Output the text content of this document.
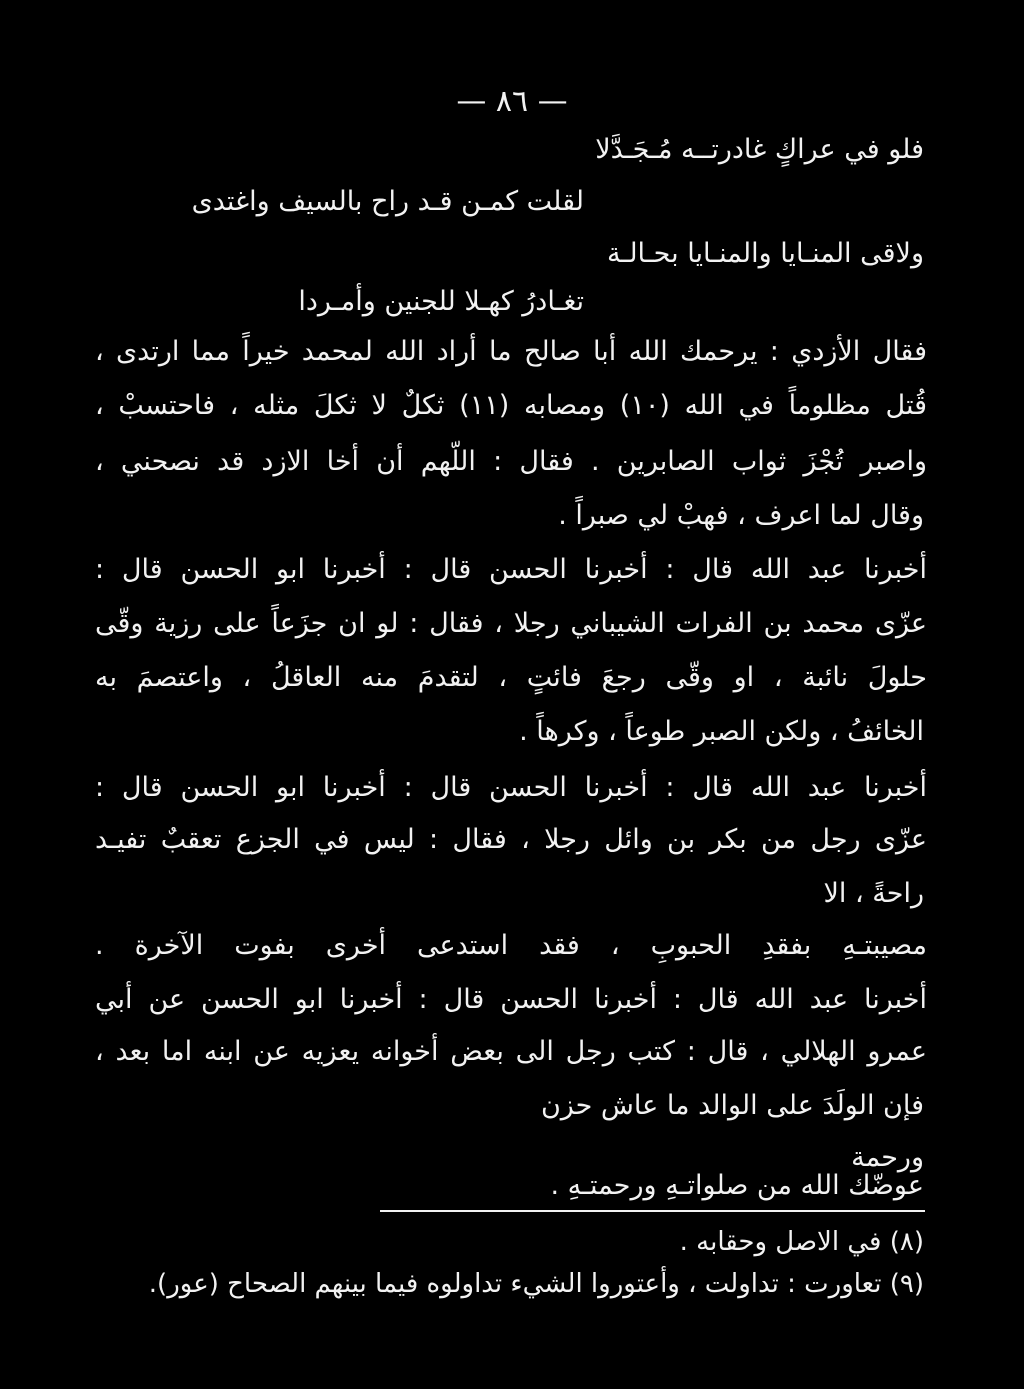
— ٨٦ —
فلو في عراكٍ غادرتــه مُـجَـدَّلا
لقلت كمـن قـد راح بالسيف واغتدى
ولاقى المنـايا والمنـايا بحـالـة
تغـادرُ كهـلا للجنين وأمـردا
فقال الأزدي : يرحمك الله أبا صالح ما أراد الله لمحمد خيراً مما ارتدى ،
قُتل مظلوماً في الله (١٠) ومصابه (١١) ثكلٌ لا ثكلَ مثله ، فاحتسبْ ،
واصبر تُجْزَ ثواب الصابرين . فقال : اللّهم أن أخا الازد قد نصحني ،
وقال لما اعرف ، فهبْ لي صبراً .
أخبرنا عبد الله قال : أخبرنا الحسن قال : أخبرنا ابو الحسن قال :
عزّى محمد بن الفرات الشيباني رجلا ، فقال : لو ان جزَعاً على رزية وقّى
حلولَ نائبة ، او وقّى رجعَ فائتٍ ، لتقدمَ منه العاقلُ ، واعتصمَ به
الخائفُ ، ولكن الصبر طوعاً ، وكرهاً .
أخبرنا عبد الله قال : أخبرنا الحسن قال : أخبرنا ابو الحسن قال :
عزّى رجل من بكر بن وائل رجلا ، فقال : ليس في الجزع تعقبٌ تفيـد
راحةً ، الا
مصيبتـهِ بفقدِ الحبوبِ ، فقد استدعى أخرى بفوت الآخرة .
أخبرنا عبد الله قال : أخبرنا الحسن قال : أخبرنا ابو الحسن عن أبي
عمرو الهلالي ، قال : كتب رجل الى بعض أخوانه يعزيه عن ابنه اما بعد ،
فإن الولَدَ على الوالد ما عاش حزن
ورحمة
عوضّك الله من صلواتـهِ ورحمتـهِ .
(٨) في الاصل وحقابه .
(٩) تعاورت : تداولت ، وأعتوروا الشيء تداولوه فيما بينهم الصحاح (عور).
